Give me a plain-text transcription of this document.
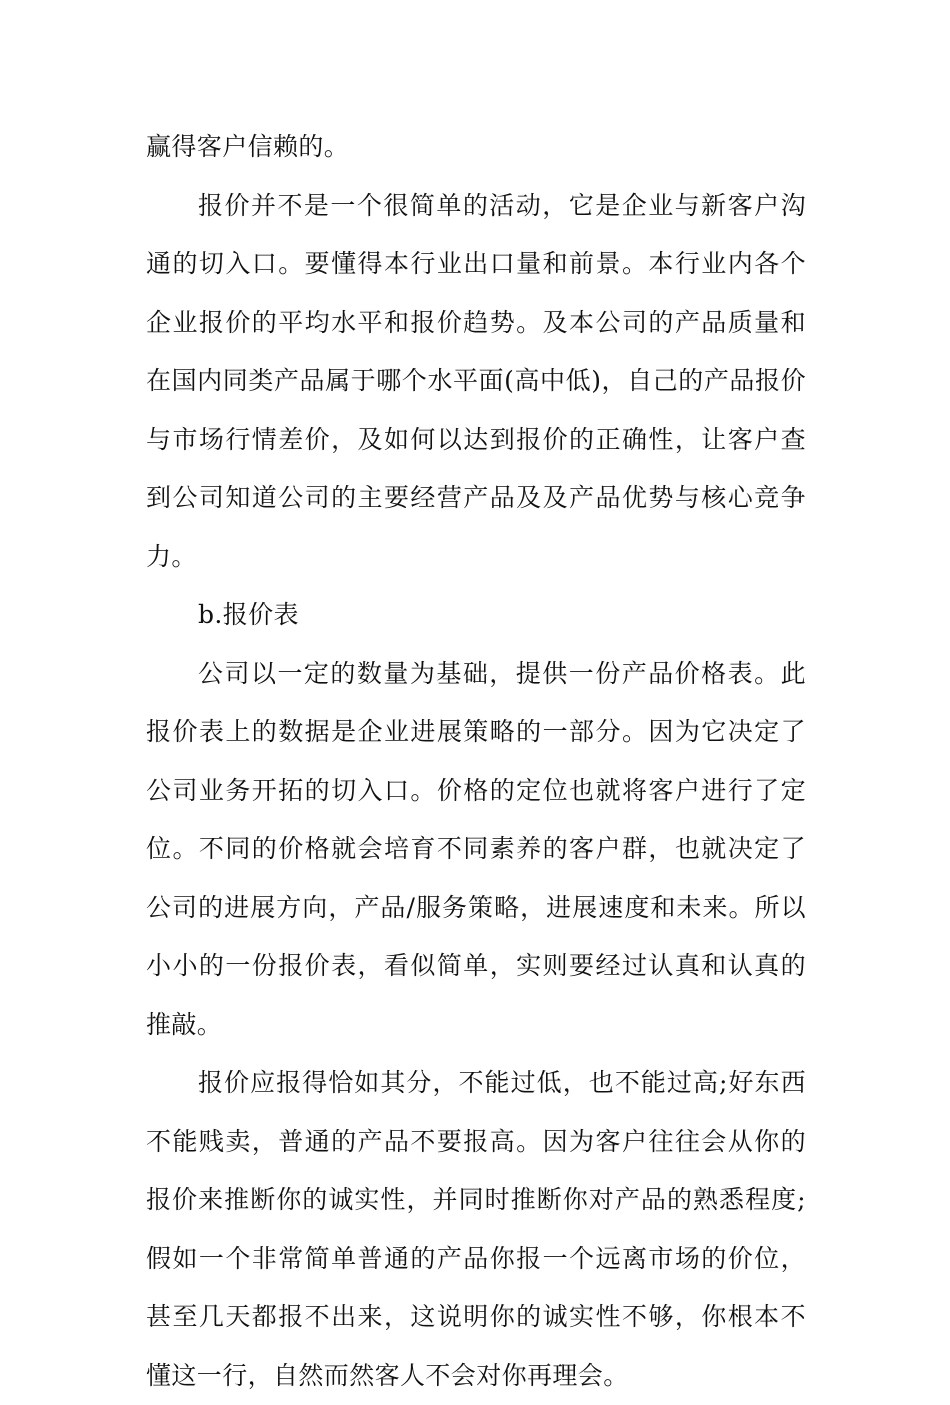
赢得客户信赖的。

报价并不是一个很简单的活动，它是企业与新客户沟通的切入口。要懂得本行业出口量和前景。本行业内各个企业报价的平均水平和报价趋势。及本公司的产品质量和在国内同类产品属于哪个水平面(高中低)，自己的产品报价与市场行情差价，及如何以达到报价的正确性，让客户查到公司知道公司的主要经营产品及及产品优势与核心竞争力。

b.报价表

公司以一定的数量为基础，提供一份产品价格表。此报价表上的数据是企业进展策略的一部分。因为它决定了公司业务开拓的切入口。价格的定位也就将客户进行了定位。不同的价格就会培育不同素养的客户群，也就决定了公司的进展方向，产品/服务策略，进展速度和未来。所以小小的一份报价表，看似简单，实则要经过认真和认真的推敲。

报价应报得恰如其分，不能过低，也不能过高;好东西不能贱卖，普通的产品不要报高。因为客户往往会从你的报价来推断你的诚实性，并同时推断你对产品的熟悉程度;假如一个非常简单普通的产品你报一个远离市场的价位，甚至几天都报不出来，这说明你的诚实性不够，你根本不懂这一行，自然而然客人不会对你再理会。
